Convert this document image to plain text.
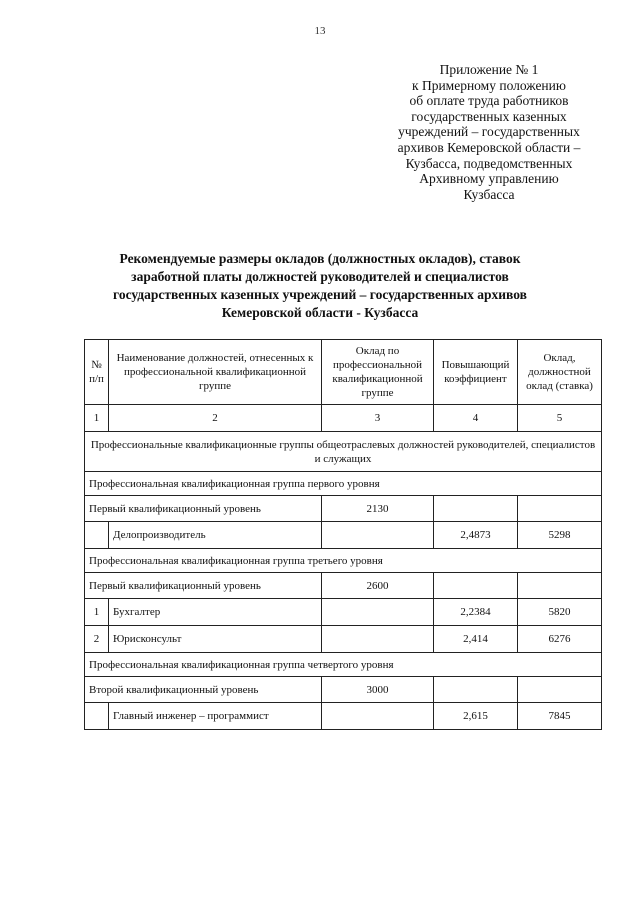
13
Приложение № 1
к Примерному положению
об оплате труда работников
государственных казенных
учреждений – государственных
архивов Кемеровской области –
Кузбасса, подведомственных
Архивному управлению
Кузбасса
Рекомендуемые размеры окладов (должностных окладов), ставок
заработной платы должностей руководителей и специалистов
государственных казенных учреждений – государственных архивов
Кемеровской области - Кузбасса
№ п/п	Наименование должностей, отнесенных к профессиональной квалификационной группе	Оклад по профессиональной квалификационной группе	Повышающий коэффициент	Оклад, должностной оклад (ставка)
1	2	3	4	5
Профессиональные квалификационные группы общеотраслевых должностей руководителей, специалистов и служащих				
Профессиональная квалификационная группа первого уровня				
Первый квалификационный уровень		2130		
	Делопроизводитель		2,4873	5298
Профессиональная квалификационная группа третьего уровня				
Первый квалификационный уровень		2600		
1	Бухгалтер		2,2384	5820
2	Юрисконсульт		2,414	6276
Профессиональная квалификационная группа четвертого уровня				
Второй квалификационный уровень		3000		
	Главный инженер – программист		2,615	7845
